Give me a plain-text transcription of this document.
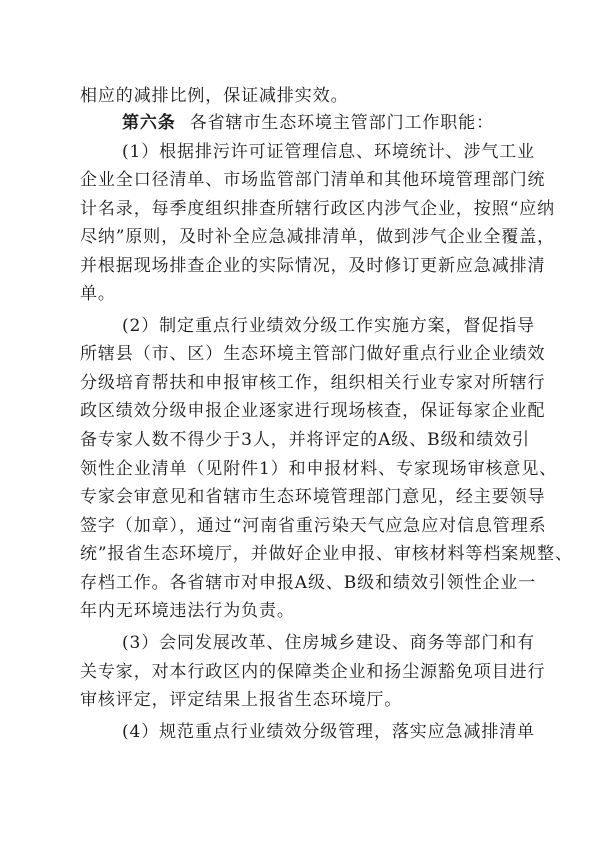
相应的减排比例，保证减排实效。
第六条 各省辖市生态环境主管部门工作职能：
(1）根据排污许可证管理信息、环境统计、涉气工业
企业全口径清单、市场监管部门清单和其他环境管理部门统
计名录，每季度组织排查所辖行政区内涉气企业，按照“应纳
尽纳”原则，及时补全应急减排清单，做到涉气企业全覆盖，
并根据现场排查企业的实际情况，及时修订更新应急减排清
单。
(2）制定重点行业绩效分级工作实施方案，督促指导
所辖县（市、区）生态环境主管部门做好重点行业企业绩效
分级培育帮扶和申报审核工作，组织相关行业专家对所辖行
政区绩效分级申报企业逐家进行现场核查，保证每家企业配
备专家人数不得少于3人，并将评定的A级、B级和绩效引
领性企业清单（见附件1）和申报材料、专家现场审核意见、
专家会审意见和省辖市生态环境管理部门意见，经主要领导
签字（加章），通过“河南省重污染天气应急应对信息管理系
统”报省生态环境厅，并做好企业申报、审核材料等档案规整、
存档工作。各省辖市对申报A级、B级和绩效引领性企业一
年内无环境违法行为负责。
(3）会同发展改革、住房城乡建设、商务等部门和有
关专家，对本行政区内的保障类企业和扬尘源豁免项目进行
审核评定，评定结果上报省生态环境厅。
(4）规范重点行业绩效分级管理，落实应急减排清单
